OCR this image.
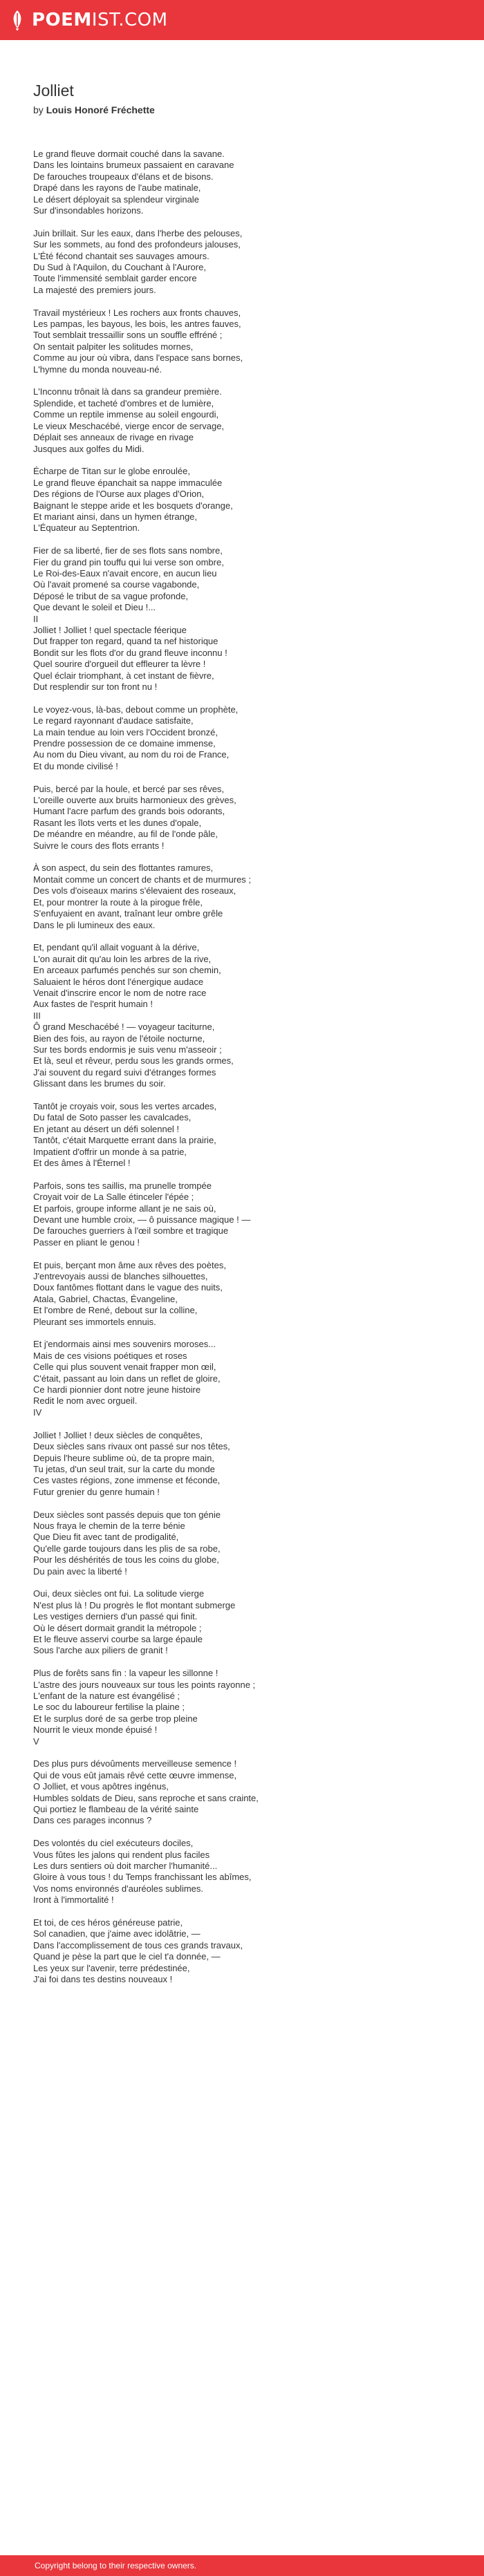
POEM IST.COM
Jolliet
by Louis Honoré Fréchette

Le grand fleuve dormait couché dans la savane.
Dans les lointains brumeux passaient en caravane
De farouches troupeaux d'élans et de bisons.
Drapé dans les rayons de l'aube matinale,
Le désert déployait sa splendeur virginale
Sur d'insondables horizons.

Juin brillait. Sur les eaux, dans l'herbe des pelouses,
Sur les sommets, au fond des profondeurs jalouses,
L'Été fécond chantait ses sauvages amours.
Du Sud à l'Aquilon, du Couchant à l'Aurore,
Toute l'immensité semblait garder encore
La majesté des premiers jours.

Travail mystérieux ! Les rochers aux fronts chauves,
Les pampas, les bayous, les bois, les antres fauves,
Tout semblait tressaillir sons un souffle effréné ;
On sentait palpiter les solitudes mornes,
Comme au jour où vibra, dans l'espace sans bornes,
L'hymne du monda nouveau-né.

L'Inconnu trônait là dans sa grandeur première.
Splendide, et tacheté d'ombres et de lumière,
Comme un reptile immense au soleil engourdi,
Le vieux Meschacébé, vierge encor de servage,
Déplait ses anneaux de rivage en rivage
Jusques aux golfes du Midi.

Écharpe de Titan sur le globe enroulée,
Le grand fleuve épanchait sa nappe immaculée
Des régions de l'Ourse aux plages d'Orion,
Baignant le steppe aride et les bosquets d'orange,
Et mariant ainsi, dans un hymen étrange,
L'Équateur au Septentrion.

Fier de sa liberté, fier de ses flots sans nombre,
Fier du grand pin touffu qui lui verse son ombre,
Le Roi-des-Eaux n'avait encore, en aucun lieu
Où l'avait promené sa course vagabonde,
Déposé le tribut de sa vague profonde,
Que devant le soleil et Dieu !...
II
Jolliet ! Jolliet ! quel spectacle féerique
Dut frapper ton regard, quand ta nef historique
Bondit sur les flots d'or du grand fleuve inconnu !
Quel sourire d'orgueil dut effleurer ta lèvre !
Quel éclair triomphant, à cet instant de fièvre,
Dut resplendir sur ton front nu !

Le voyez-vous, là-bas, debout comme un prophète,
Le regard rayonnant d'audace satisfaite,
La main tendue au loin vers l'Occident bronzé,
Prendre possession de ce domaine immense,
Au nom du Dieu vivant, au nom du roi de France,
Et du monde civilisé !

Puis, bercé par la houle, et bercé par ses rêves,
L'oreille ouverte aux bruits harmonieux des grèves,
Humant l'acre parfum des grands bois odorants,
Rasant les îlots verts et les dunes d'opale,
De méandre en méandre, au fil de l'onde pâle,
Suivre le cours des flots errants !

À son aspect, du sein des flottantes ramures,
Montait comme un concert de chants et de murmures ;
Des vols d'oiseaux marins s'élevaient des roseaux,
Et, pour montrer la route à la pirogue frêle,
S'enfuyaient en avant, traînant leur ombre grêle
Dans le pli lumineux des eaux.

Et, pendant qu'il allait voguant à la dérive,
L'on aurait dit qu'au loin les arbres de la rive,
En arceaux parfumés penchés sur son chemin,
Saluaient le héros dont l'énergique audace
Venait d'inscrire encor le nom de notre race
Aux fastes de l'esprit humain !
III
Ô grand Meschacébé ! — voyageur taciturne,
Bien des fois, au rayon de l'étoile nocturne,
Sur tes bords endormis je suis venu m'asseoir ;
Et là, seul et rêveur, perdu sous les grands ormes,
J'ai souvent du regard suivi d'étranges formes
Glissant dans les brumes du soir.

Tantôt je croyais voir, sous les vertes arcades,
Du fatal de Soto passer les cavalcades,
En jetant au désert un défi solennel !
Tantôt, c'était Marquette errant dans la prairie,
Impatient d'offrir un monde à sa patrie,
Et des âmes à l'Éternel !

Parfois, sons tes saillis, ma prunelle trompée
Croyait voir de La Salle étinceler l'épée ;
Et parfois, groupe informe allant je ne sais où,
Devant une humble croix, — ô puissance magique ! —
De farouches guerriers à l'œil sombre et tragique
Passer en pliant le genou !

Et puis, berçant mon âme aux rêves des poètes,
J'entrevoyais aussi de blanches silhouettes,
Doux fantômes flottant dans le vague des nuits,
Atala, Gabriel, Chactas, Évangeline,
Et l'ombre de René, debout sur la colline,
Pleurant ses immortels ennuis.

Et j'endormais ainsi mes souvenirs moroses...
Mais de ces visions poétiques et roses
Celle qui plus souvent venait frapper mon œil,
C'était, passant au loin dans un reflet de gloire,
Ce hardi pionnier dont notre jeune histoire
Redit le nom avec orgueil.
IV

Jolliet ! Jolliet ! deux siècles de conquêtes,
Deux siècles sans rivaux ont passé sur nos têtes,
Depuis l'heure sublime où, de ta propre main,
Tu jetas, d'un seul trait, sur la carte du monde
Ces vastes régions, zone immense et féconde,
Futur grenier du genre humain !

Deux siècles sont passés depuis que ton génie
Nous fraya le chemin de la terre bénie
Que Dieu fit avec tant de prodigalité,
Qu'elle garde toujours dans les plis de sa robe,
Pour les déshérités de tous les coins du globe,
Du pain avec la liberté !

Oui, deux siècles ont fui. La solitude vierge
N'est plus là ! Du progrès le flot montant submerge
Les vestiges derniers d'un passé qui finit.
Où le désert dormait grandit la métropole ;
Et le fleuve asservi courbe sa large épaule
Sous l'arche aux piliers de granit !

Plus de forêts sans fin : la vapeur les sillonne !
L'astre des jours nouveaux sur tous les points rayonne ;
L'enfant de la nature est évangélisé ;
Le soc du laboureur fertilise la plaine ;
Et le surplus doré de sa gerbe trop pleine
Nourrit le vieux monde épuisé !
V

Des plus purs dévoûments merveilleuse semence !
Qui de vous eût jamais rêvé cette œuvre immense,
O Jolliet, et vous apôtres ingénus,
Humbles soldats de Dieu, sans reproche et sans crainte,
Qui portiez le flambeau de la vérité sainte
Dans ces parages inconnus ?

Des volontés du ciel exécuteurs dociles,
Vous fûtes les jalons qui rendent plus faciles
Les durs sentiers où doit marcher l'humanité...
Gloire à vous tous ! du Temps franchissant les abîmes,
Vos noms environnés d'auréoles sublimes.
Iront à l'immortalité !

Et toi, de ces héros généreuse patrie,
Sol canadien, que j'aime avec idolâtrie, —
Dans l'accomplissement de tous ces grands travaux,
Quand je pèse la part que le ciel t'a donnée, —
Les yeux sur l'avenir, terre prédestinée,
J'ai foi dans tes destins nouveaux !

Copyright belong to their respective owners.
